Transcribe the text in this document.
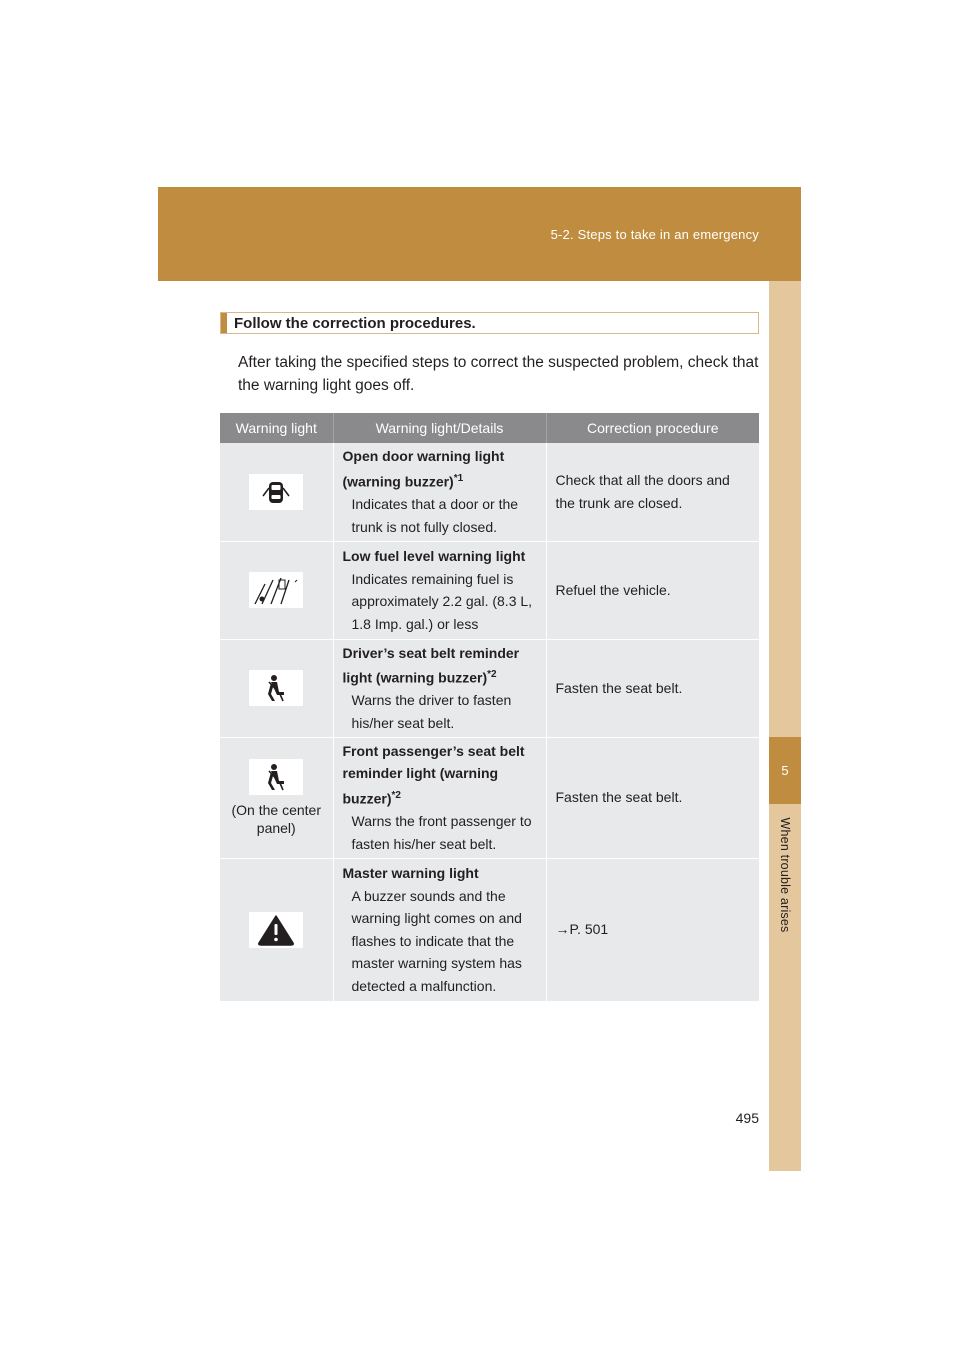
5-2. Steps to take in an emergency
5
When trouble arises
Follow the correction procedures.
After taking the specified steps to correct the suspected problem, check that the warning light goes off.
Warning light	Warning light/Details	Correction procedure

Open door warning light (warning buzzer)$^{*1}$
Indicates that a door or the trunk is not fully closed.	Check that all the doors and the trunk are closed.

Low fuel level warning light
Indicates remaining fuel is approximately 2.2 gal. (8.3 L, 1.8 Imp. gal.) or less	Refuel the vehicle.

Driver’s seat belt reminder light (warning buzzer)$^{*2}$
Warns the driver to fasten his/her seat belt.	Fasten the seat belt.

(On the center panel)	Front passenger’s seat belt reminder light (warning buzzer)$^{*2}$
Warns the front passenger to fasten his/her seat belt.	Fasten the seat belt.

Master warning light
A buzzer sounds and the warning light comes on and flashes to indicate that the master warning system has detected a malfunction.	→P. 501
495
